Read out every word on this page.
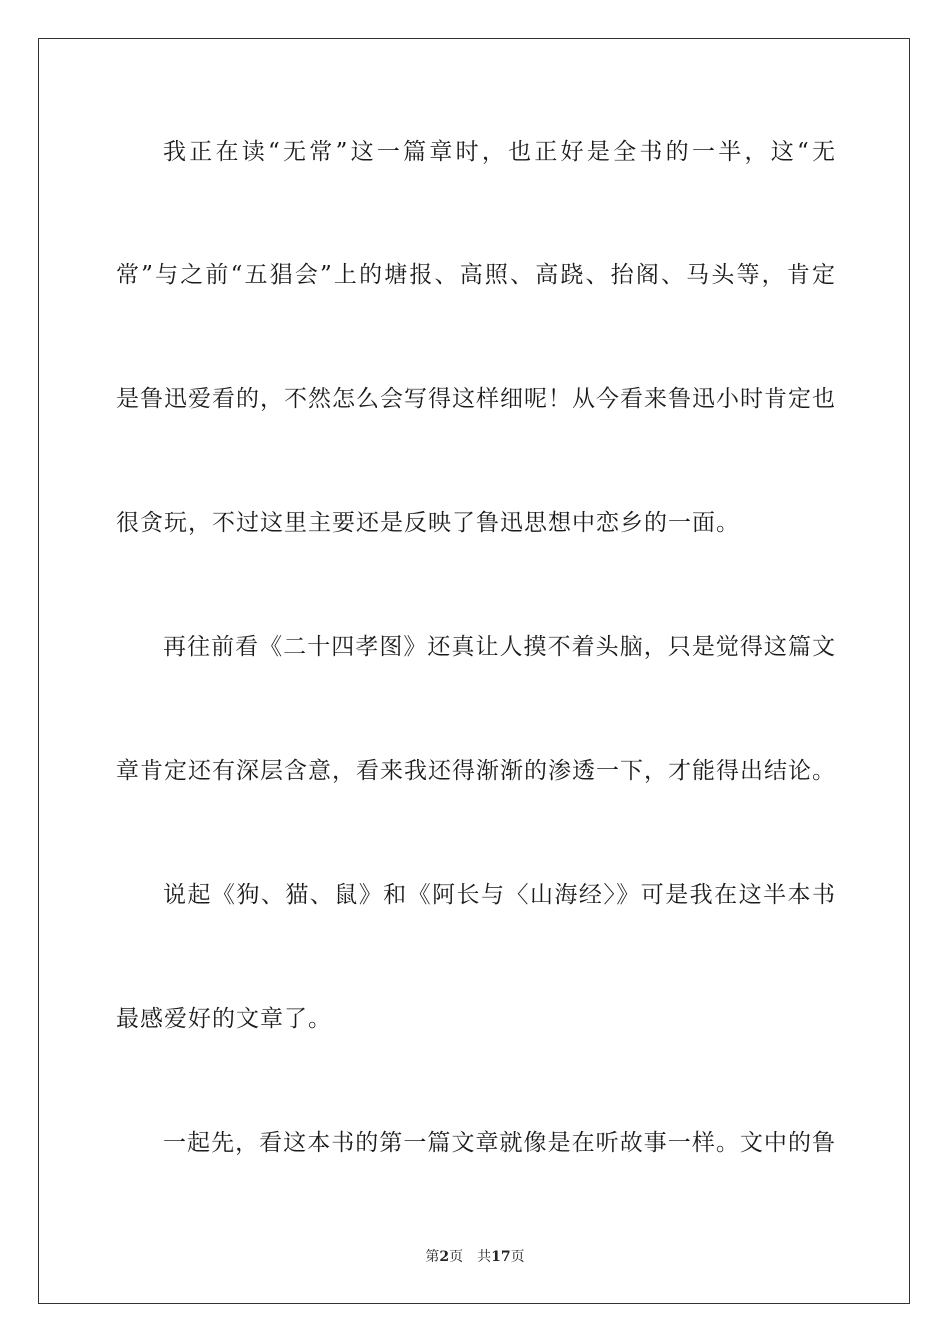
我正在读“无常”这一篇章时，也正好是全书的一半，这“无
常”与之前“五猖会”上的塘报、高照、高跷、抬阁、马头等，肯定
是鲁迅爱看的，不然怎么会写得这样细呢！从今看来鲁迅小时肯定也
很贪玩，不过这里主要还是反映了鲁迅思想中恋乡的一面。
再往前看《二十四孝图》还真让人摸不着头脑，只是觉得这篇文
章肯定还有深层含意，看来我还得渐渐的渗透一下，才能得出结论。
说起《狗、猫、鼠》和《阿长与〈山海经〉》可是我在这半本书
最感爱好的文章了。
一起先，看这本书的第一篇文章就像是在听故事一样。文中的鲁
第2页 共17页
